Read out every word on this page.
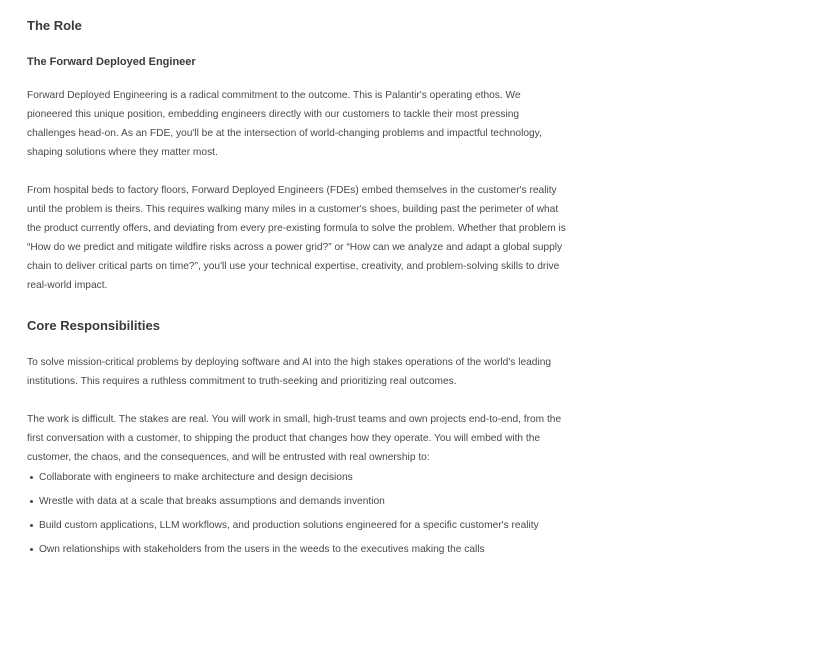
The Role
The Forward Deployed Engineer

Forward Deployed Engineering is a radical commitment to the outcome. This is Palantir's operating ethos. We pioneered this unique position, embedding engineers directly with our customers to tackle their most pressing challenges head-on. As an FDE, you'll be at the intersection of world-changing problems and impactful technology, shaping solutions where they matter most.

From hospital beds to factory floors, Forward Deployed Engineers (FDEs) embed themselves in the customer's reality until the problem is theirs. This requires walking many miles in a customer's shoes, building past the perimeter of what the product currently offers, and deviating from every pre-existing formula to solve the problem. Whether that problem is “How do we predict and mitigate wildfire risks across a power grid?” or “How can we analyze and adapt a global supply chain to deliver critical parts on time?”, you'll use your technical expertise, creativity, and problem-solving skills to drive real-world impact.

Core Responsibilities

To solve mission-critical problems by deploying software and AI into the high stakes operations of the world's leading institutions. This requires a ruthless commitment to truth-seeking and prioritizing real outcomes.

The work is difficult. The stakes are real. You will work in small, high-trust teams and own projects end-to-end, from the first conversation with a customer, to shipping the product that changes how they operate. You will embed with the customer, the chaos, and the consequences, and will be entrusted with real ownership to:

Collaborate with engineers to make architecture and design decisions
Wrestle with data at a scale that breaks assumptions and demands invention
Build custom applications, LLM workflows, and production solutions engineered for a specific customer's reality
Own relationships with stakeholders from the users in the weeds to the executives making the calls
